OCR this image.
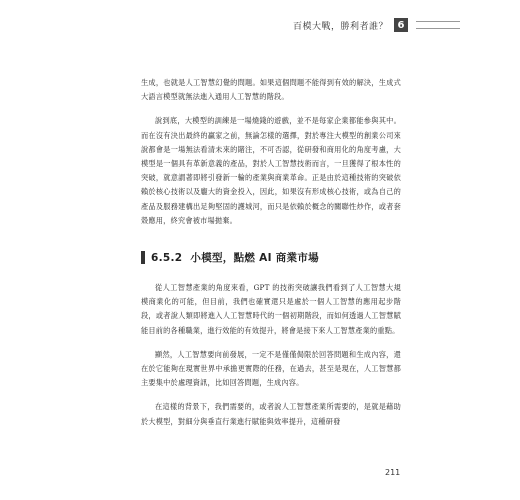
百模大戰，勝利者誰？ 6

生成，也就是人工智慧幻覺的問題。如果這個問題不能得到有效的解決，生成式大語言模型就無法進入通用人工智慧的階段。

說到底，大模型的訓練是一場燒錢的遊戲，並不是每家企業都能參與其中。而在沒有決出最終的贏家之前，無論怎樣的選擇，對於專注大模型的創業公司來說都會是一場無法看清未來的賭注，不可否認，從研發和商用化的角度考慮，大模型是一個具有革新意義的產品，對於人工智慧技術而言，一旦獲得了根本性的突破，就意謂著即將引發新一輪的產業與商業革命。正是由於這種技術的突破依賴於核心技術以及龐大的資金投入，因此，如果沒有形成核心技術，或為自己的產品及服務建構出足夠堅固的護城河，而只是依賴於概念的關聯性炒作，或者套殼應用，終究會被市場拋棄。

6.5.2 小模型，點燃 AI 商業市場

從人工智慧產業的角度來看，GPT 的技術突破讓我們看到了人工智慧大規模商業化的可能，但目前，我們也確實還只是處於一個人工智慧的應用起步階段，或者說人類即將進入人工智慧時代的一個初期階段，而如何透過人工智慧賦能目前的各種職業，進行效能的有效提升，將會是接下來人工智慧產業的重點。

顯然，人工智慧要向前發展，一定不是僅僅侷限於回答問題和生成內容，還在於它能夠在現實世界中承擔更實際的任務，在過去，甚至是現在，人工智慧都主要集中於處理資訊，比如回答問題，生成內容。

在這樣的背景下，我們需要的，或者說人工智慧產業所需要的，是就是藉助於大模型，對細分與垂直行業進行賦能與效率提升，這種研發

211
